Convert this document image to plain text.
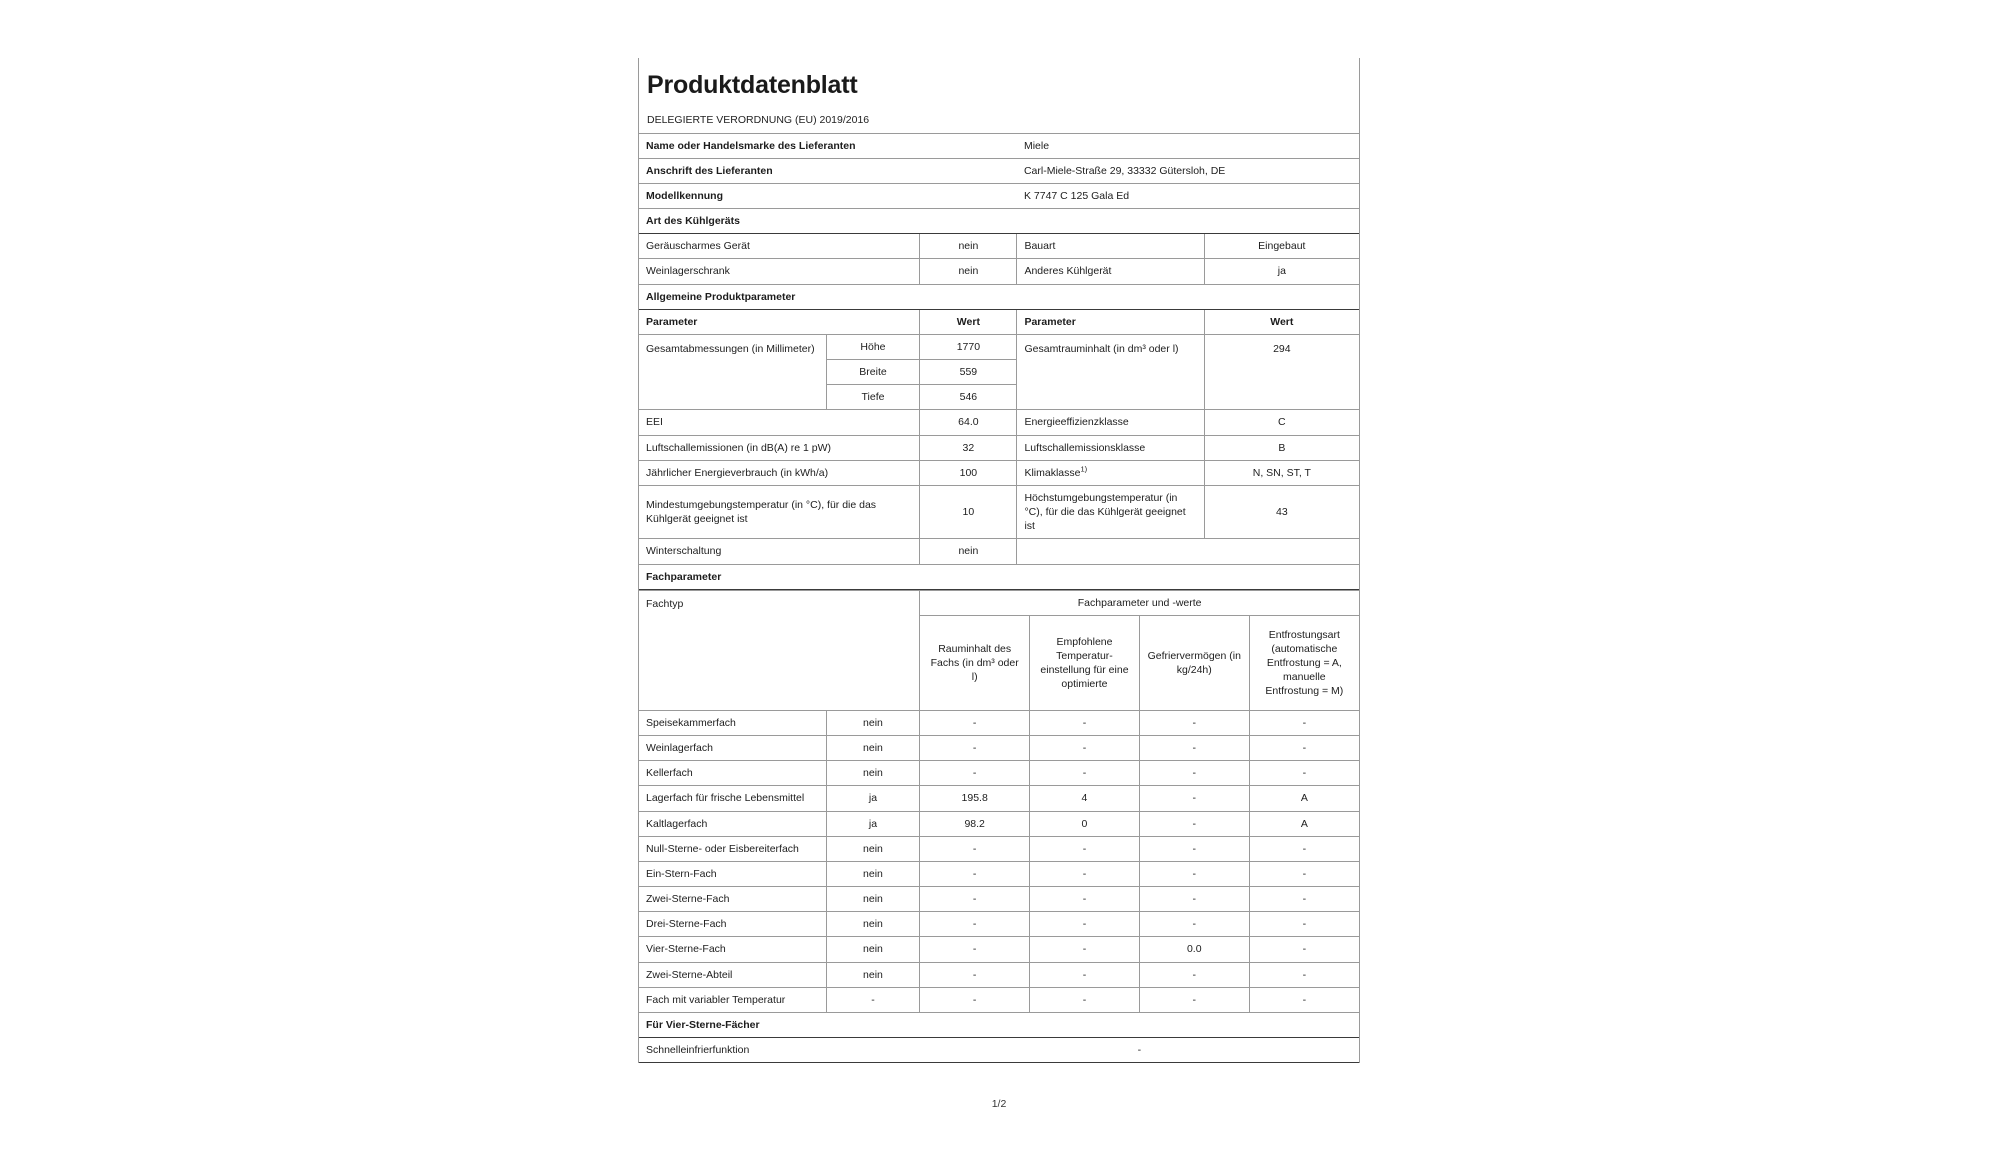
Produktdatenblatt
DELEGIERTE VERORDNUNG (EU) 2019/2016
Name oder Handelsmarke des Lieferanten			Miele	
Anschrift des Lieferanten			Carl-Miele-Straße 29, 33332 Gütersloh, DE	
Modellkennung			K 7747 C 125 Gala Ed	
Art des Kühlgeräts				
Geräuscharmes Gerät		nein	Bauart	Eingebaut
Weinlagerschrank		nein	Anderes Kühlgerät	ja
Allgemeine Produktparameter				
Parameter		Wert	Parameter	Wert
Gesamtabmessungen (in Millimeter)	Höhe	1770	Gesamtrauminhalt (in dm³ oder l)	294
	Breite	559		
	Tiefe	546		
EEI		64.0	Energieeffizienzklasse	C
Luftschallemissionen (in dB(A) re 1 pW)		32	Luftschallemissionsklasse	B
Jährlicher Energieverbrauch (in kWh/a)		100	Klimaklasse$^{1)}$	N, SN, ST, T
Mindestumgebungstemperatur (in °C), für die das Kühlgerät geeignet ist		10	Höchstumgebungstemperatur (in °C), für die das Kühlgerät geeignet ist	43
Winterschaltung		nein		
Fachparameter				
Fachtyp		Fachparameter und -werte			
		Rauminhalt des Fachs (in dm³ oder l)	Empfohlene Temperatur-einstellung für eine optimierte	Gefriervermögen (in kg/24h)	Entfrostungsart (automatische Entfrostung = A, manuelle Entfrostung = M)
Speisekammerfach	nein	-	-	-	-
Weinlagerfach	nein	-	-	-	-
Kellerfach	nein	-	-	-	-
Lagerfach für frische Lebensmittel	ja	195.8	4	-	A
Kaltlagerfach	ja	98.2	0	-	A
Null-Sterne- oder Eisbereiterfach	nein	-	-	-	-
Ein-Stern-Fach	nein	-	-	-	-
Zwei-Sterne-Fach	nein	-	-	-	-
Drei-Sterne-Fach	nein	-	-	-	-
Vier-Sterne-Fach	nein	-	-	0.0	-
Zwei-Sterne-Abteil	nein	-	-	-	-
Fach mit variabler Temperatur	-	-	-	-	-
Für Vier-Sterne-Fächer					
Schnelleinfrierfunktion		-			
1/2
